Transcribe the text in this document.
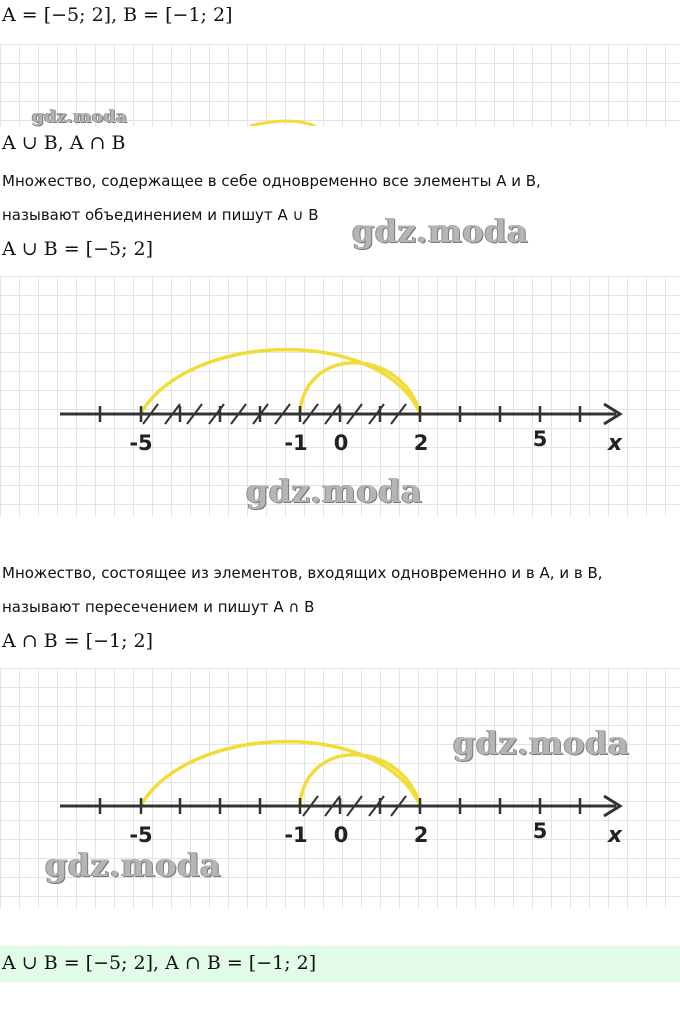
A = [−5; 2], B = [−1; 2]
gdz.moda
A ∪ B, A ∩ B
Множество, содержащее в себе одновременно все элементы A и B,
называют объединением и пишут A ∪ B gdz.moda
A ∪ B = [−5; 2]
-5	-1 0	2	5	x
gdz.moda
Множество, состоящее из элементов, входящих одновременно и в A, и в B,
называют пересечением и пишут A ∩ B
A ∩ B = [−1; 2]
-5	-1 0	2	5	x
gdz.moda
gdz.moda
A ∪ B = [−5; 2], A ∩ B = [−1; 2]
